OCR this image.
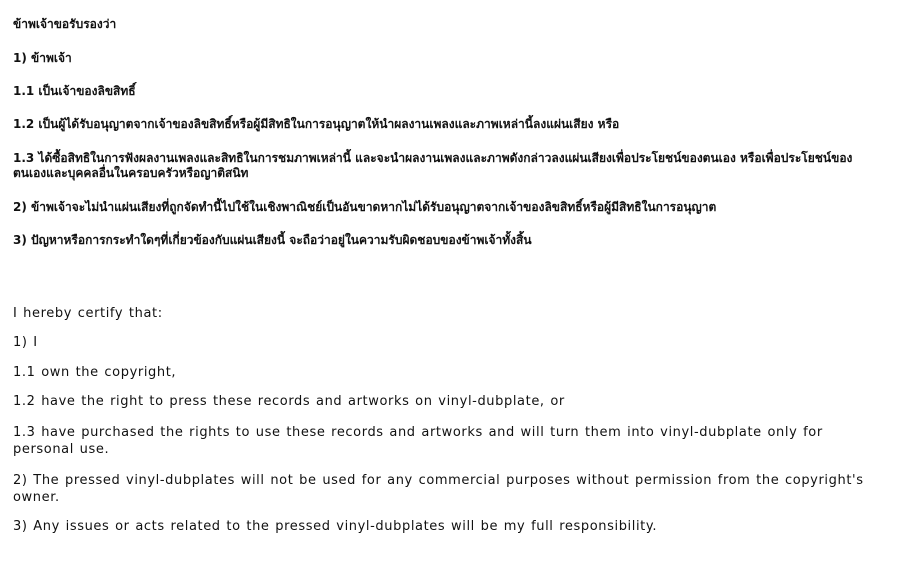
ข้าพเจ้าขอรับรองว่า

1) ข้าพเจ้า

1.1 เป็นเจ้าของลิขสิทธิ์

1.2 เป็นผู้ได้รับอนุญาตจากเจ้าของลิขสิทธิ์หรือผู้มีสิทธิในการอนุญาตให้นำผลงานเพลงและภาพเหล่านี้ลงแผ่นเสียง หรือ

1.3 ได้ซื้อสิทธิในการฟังผลงานเพลงและสิทธิในการชมภาพเหล่านี้ และจะนำผลงานเพลงและภาพดังกล่าวลงแผ่นเสียงเพื่อประโยชน์ของตนเอง หรือเพื่อประโยชน์ของตนเองและบุคคลอื่นในครอบครัวหรือญาติสนิท

2) ข้าพเจ้าจะไม่นำแผ่นเสียงที่ถูกจัดทำนี้ไปใช้ในเชิงพาณิชย์เป็นอันขาดหากไม่ได้รับอนุญาตจากเจ้าของลิขสิทธิ์หรือผู้มีสิทธิในการอนุญาต

3) ปัญหาหรือการกระทำใดๆที่เกี่ยวข้องกับแผ่นเสียงนี้ จะถือว่าอยู่ในความรับผิดชอบของข้าพเจ้าทั้งสิ้น

I hereby certify that:

1) I

1.1 own the copyright,

1.2 have the right to press these records and artworks on vinyl-dubplate, or

1.3 have purchased the rights to use these records and artworks and will turn them into vinyl-dubplate only for personal use.

2) The pressed vinyl-dubplates will not be used for any commercial purposes without permission from the copyright's owner.

3) Any issues or acts related to the pressed vinyl-dubplates will be my full responsibility.
